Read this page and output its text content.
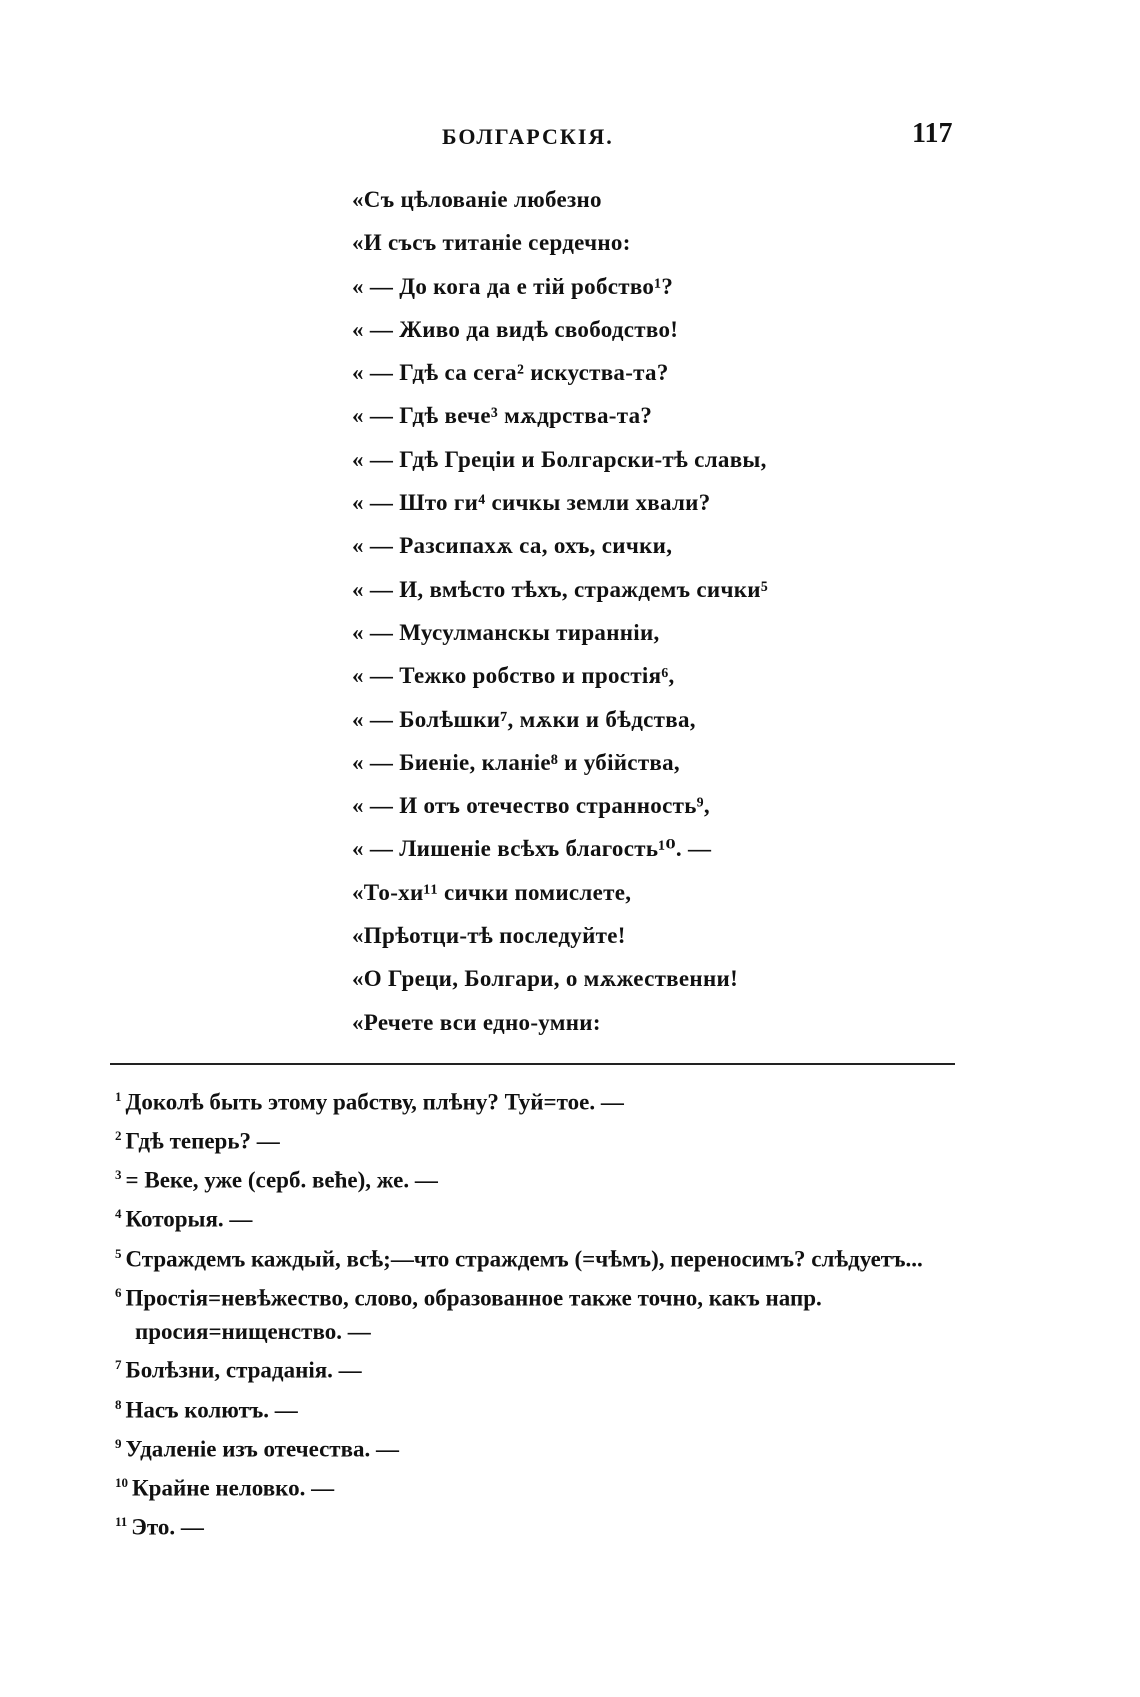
БОЛГАРСКІЯ.	117
«Съ цѣлованіе любезно
«И съсъ титаніе сердечно:
« — До кога да е тій робство¹?
« — Живо да видѣ свободство!
« — Гдѣ са сега² искуства-та?
« — Гдѣ вече³ мѫдрства-та?
« — Гдѣ Греціи и Болгарски-тѣ славы,
« — Што ги⁴ сичкы земли хвали?
« — Разсипахѫ са, охъ, сички,
« — И, вмѣсто тѣхъ, страждемъ сички⁵
« — Мусулманскы тиранніи,
« — Тежко робство и простія⁶,
« — Болѣшки⁷, мѫки и бѣдства,
« — Биеніе, кланіе⁸ и убійства,
« — И отъ отечество странность⁹,
« — Лишеніе всѣхъ благость¹⁰. —
«То-хи¹¹ сички помислете,
«Прѣотци-тѣ последуйте!
«О Греци, Болгари, о мѫжественни!
«Речете вси едно-умни:
$^1$ Доколѣ быть этому рабству, плѣну? Туй=тое. —
$^2$ Гдѣ теперь? —
$^3$ = Веке, уже (серб. веће), же. —
$^4$ Которыя. —
$^5$ Страждемъ каждый, всѣ;—что страждемъ (=чѣмъ), переносимъ? слѣдуетъ...
$^6$ Простія=невѣжество, слово, образованное также точно, какъ напр. просия=нищенство. —
$^7$ Болѣзни, страданія. —
$^8$ Насъ колютъ. —
$^9$ Удаленіе изъ отечества. —
$^{10}$ Крайне неловко. —
$^{11}$ Это. —
